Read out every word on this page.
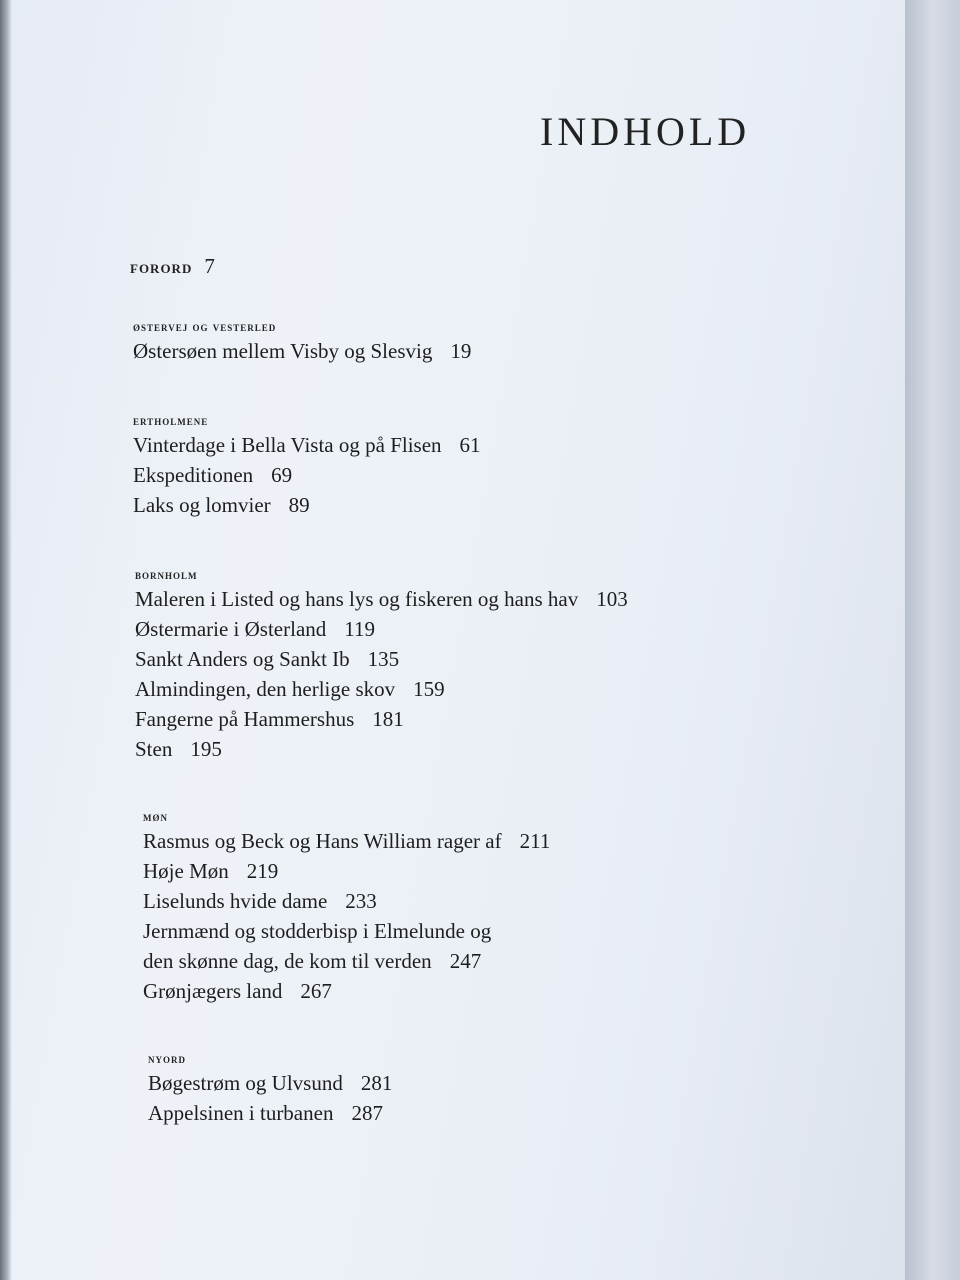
INDHOLD
FORORD 7
østervej og vesterled
Østersøen mellem Visby og Slesvig 19
ertholmene
Vinterdage i Bella Vista og på Flisen 61
Ekspeditionen 69
Laks og lomvier 89
bornholm
Maleren i Listed og hans lys og fiskeren og hans hav 103
Østermarie i Østerland 119
Sankt Anders og Sankt Ib 135
Almindingen, den herlige skov 159
Fangerne på Hammershus 181
Sten 195
møn
Rasmus og Beck og Hans William rager af 211
Høje Møn 219
Liselunds hvide dame 233
Jernmænd og stodderbisp i Elmelunde og
den skønne dag, de kom til verden 247
Grønjægers land 267
nyord
Bøgestrøm og Ulvsund 281
Appelsinen i turbanen 287
